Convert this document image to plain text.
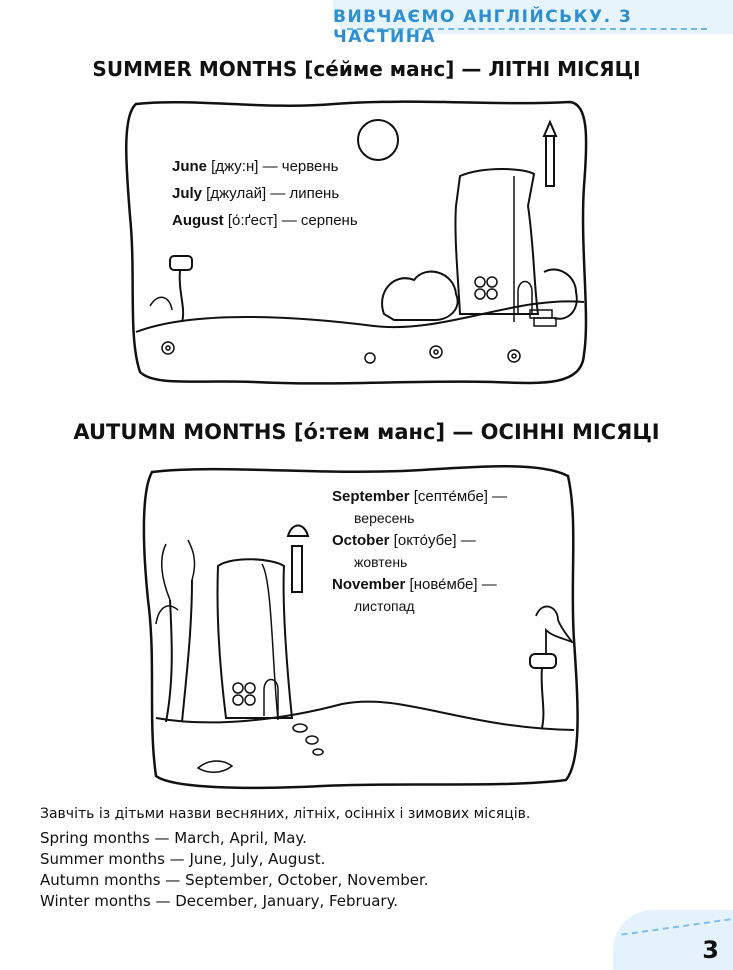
ВИВЧАЄМО АНГЛІЙСЬКУ. 3 ЧАСТИНА
SUMMER MONTHS [се́йме манс] — ЛІТНІ МІСЯЦІ
June [джу:н] — червень
July [джулай] — липень
August [о́:ґест] — серпень
AUTUMN MONTHS [о́:тем манс] — ОСІННІ МІСЯЦІ
September [септе́мбе] —
вересень
October [окто́убе] —
жовтень
November [нове́мбе] —
листопад
Завчіть із дітьми назви весняних, літніх, осінніх і зимових місяців.
Spring months — March, April, May.
Summer months — June, July, August.
Autumn months — September, October, November.
Winter months — December, January, February.
3
